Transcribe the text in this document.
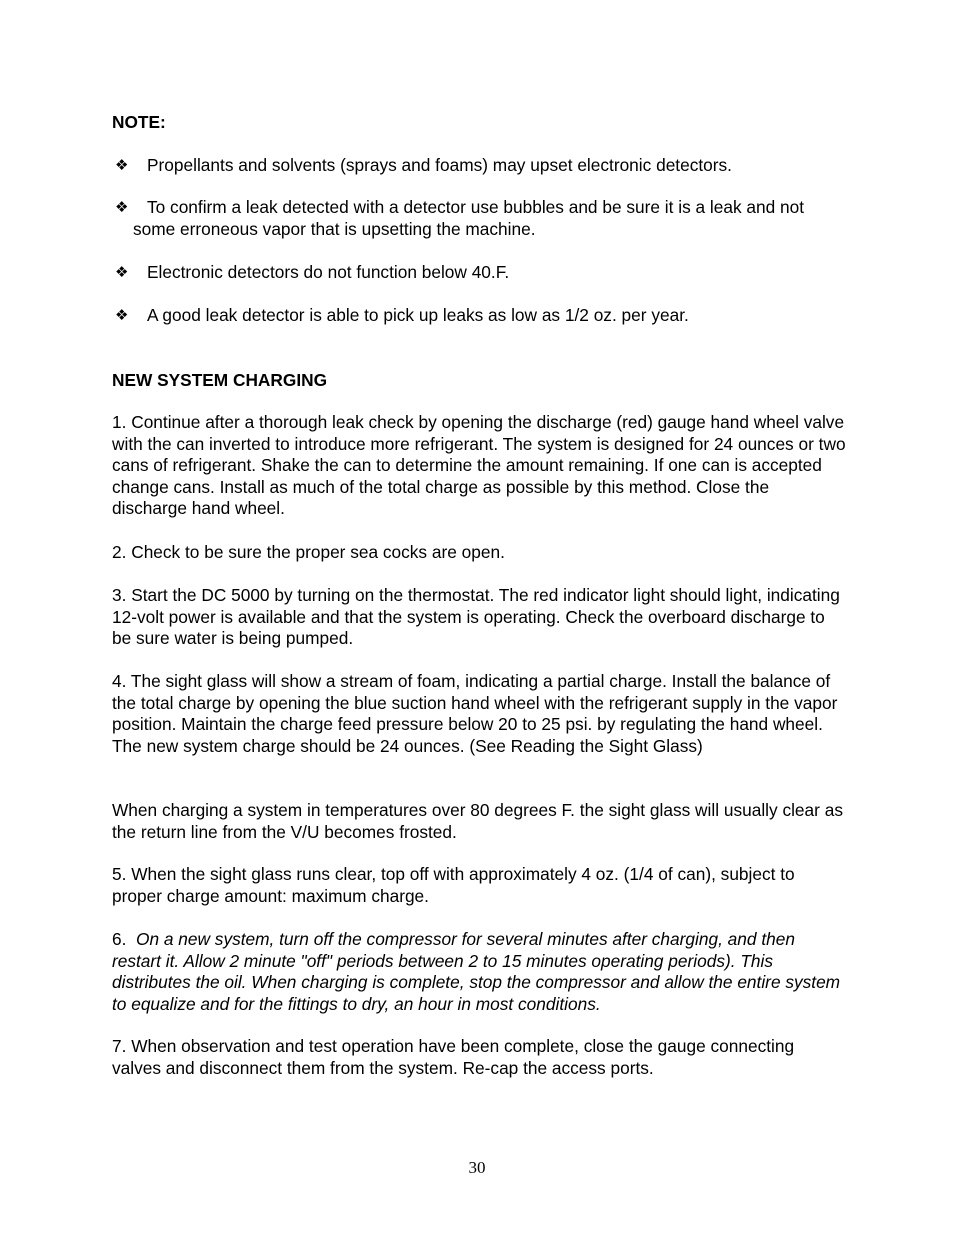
NOTE:

❖	Propellants and solvents (sprays and foams) may upset electronic detectors.
❖	To confirm a leak detected with a detector use bubbles and be sure it is a leak and not some erroneous vapor that is upsetting the machine.
❖	Electronic detectors do not function below 40.F.
❖	A good leak detector is able to pick up leaks as low as 1/2 oz. per year.

NEW SYSTEM CHARGING

1. Continue after a thorough leak check by opening the discharge (red) gauge hand wheel valve with the can inverted to introduce more refrigerant. The system is designed for 24 ounces or two cans of refrigerant. Shake the can to determine the amount remaining. If one can is accepted change cans. Install as much of the total charge as possible by this method. Close the discharge hand wheel.

2. Check to be sure the proper sea cocks are open.

3. Start the DC 5000 by turning on the thermostat. The red indicator light should light, indicating 12-volt power is available and that the system is operating. Check the overboard discharge to be sure water is being pumped.

4. The sight glass will show a stream of foam, indicating a partial charge. Install the balance of the total charge by opening the blue suction hand wheel with the refrigerant supply in the vapor position. Maintain the charge feed pressure below 20 to 25 psi. by regulating the hand wheel. The new system charge should be 24 ounces. (See Reading the Sight Glass)

When charging a system in temperatures over 80 degrees F. the sight glass will usually clear as the return line from the V/U becomes frosted.

5. When the sight glass runs clear, top off with approximately 4 oz. (1/4 of can), subject to proper charge amount: maximum charge.

6. On a new system, turn off the compressor for several minutes after charging, and then restart it. Allow 2 minute "off" periods between 2 to 15 minutes operating periods). This distributes the oil. When charging is complete, stop the compressor and allow the entire system to equalize and for the fittings to dry, an hour in most conditions.

7. When observation and test operation have been complete, close the gauge connecting valves and disconnect them from the system. Re-cap the access ports.

30
